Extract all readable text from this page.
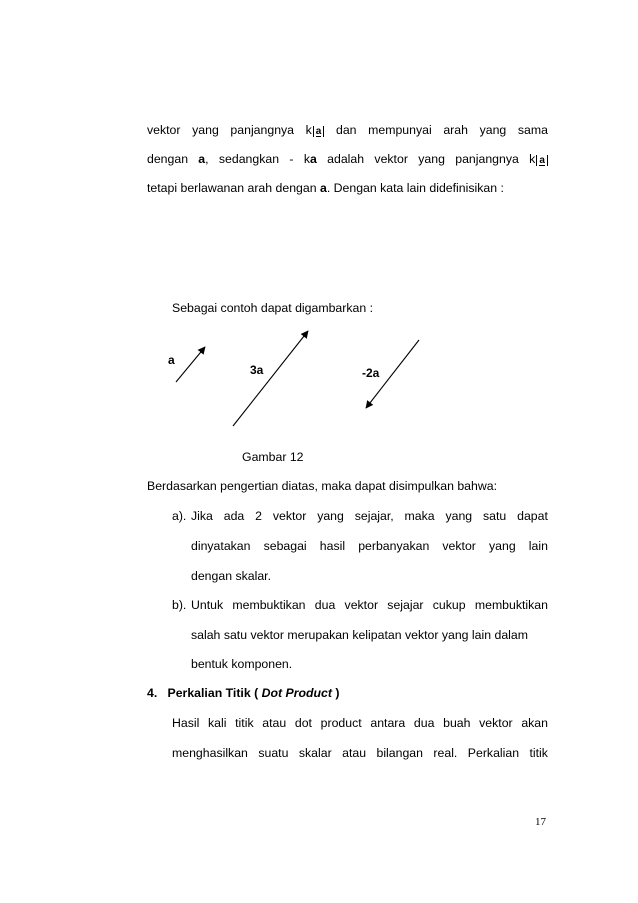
vektor yang panjangnya k a dan mempunyai arah yang sama
dengan a, sedangkan - ka adalah vektor yang panjangnya k a
tetapi berlawanan arah dengan a. Dengan kata lain didefinisikan :
Sebagai contoh dapat digambarkan :
a
3a	-2a
Gambar 12
Berdasarkan pengertian diatas, maka dapat disimpulkan bahwa:
a). Jika ada 2 vektor yang sejajar, maka yang satu dapat
dinyatakan sebagai hasil perbanyakan vektor yang lain
dengan skalar.
b). Untuk membuktikan dua vektor sejajar cukup membuktikan
salah satu vektor merupakan kelipatan vektor yang lain dalam
bentuk komponen.
4. Perkalian Titik ( Dot Product )
Hasil kali titik atau dot product antara dua buah vektor akan
menghasilkan suatu skalar atau bilangan real. Perkalian titik
17
